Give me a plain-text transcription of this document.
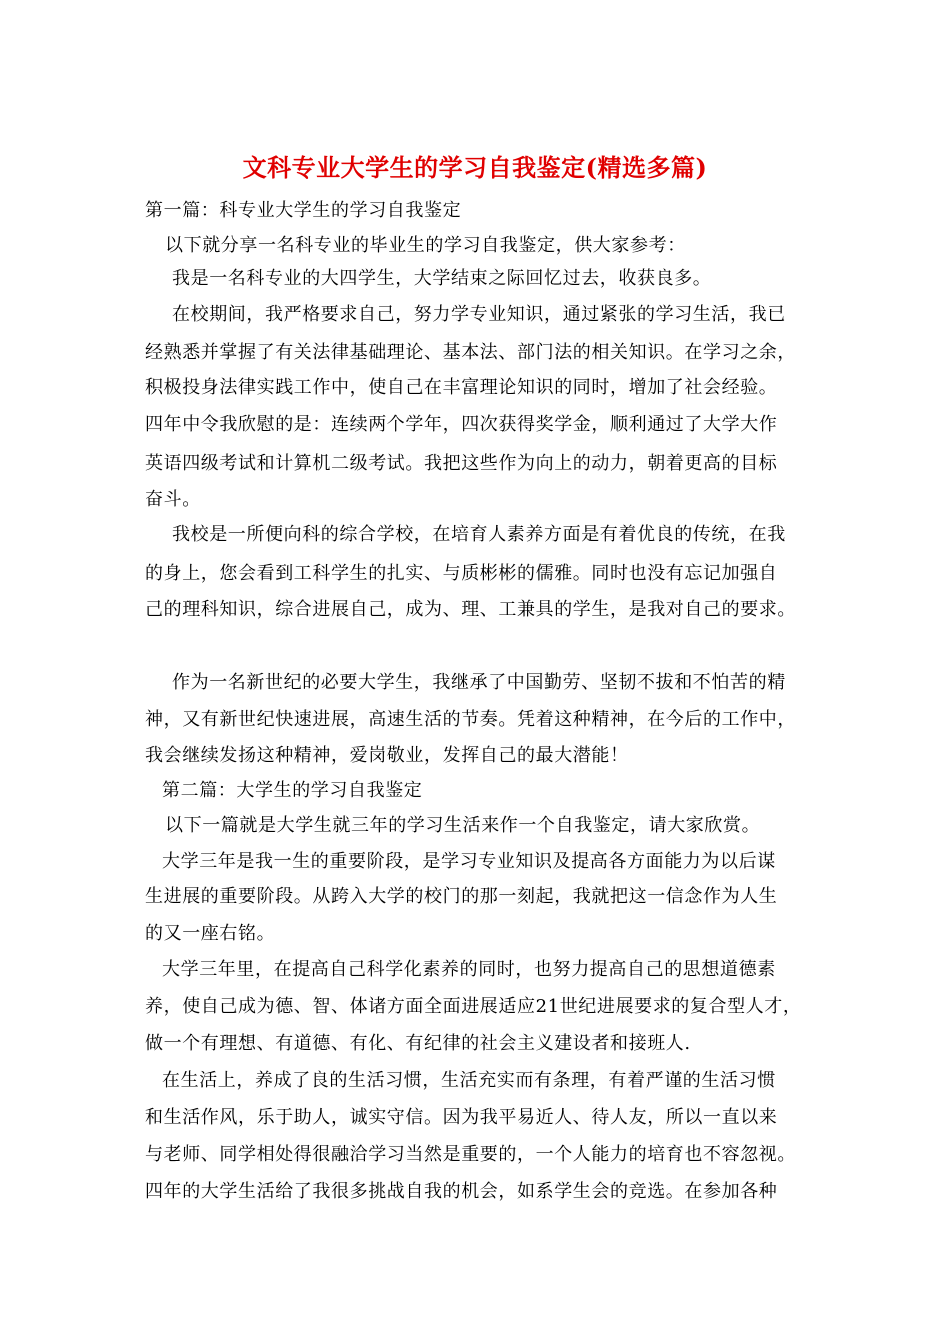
文科专业大学生的学习自我鉴定(精选多篇)
第一篇：科专业大学生的学习自我鉴定
以下就分享一名科专业的毕业生的学习自我鉴定，供大家参考：
我是一名科专业的大四学生，大学结束之际回忆过去，收获良多。
在校期间，我严格要求自己，努力学专业知识，通过紧张的学习生活，我已
经熟悉并掌握了有关法律基础理论、基本法、部门法的相关知识。在学习之余，
积极投身法律实践工作中，使自己在丰富理论知识的同时，增加了社会经验。
四年中令我欣慰的是：连续两个学年，四次获得奖学金，顺利通过了大学大作
英语四级考试和计算机二级考试。我把这些作为向上的动力，朝着更高的目标
奋斗。
我校是一所便向科的综合学校，在培育人素养方面是有着优良的传统，在我
的身上，您会看到工科学生的扎实、与质彬彬的儒雅。同时也没有忘记加强自
己的理科知识，综合进展自己，成为、理、工兼具的学生，是我对自己的要求。
作为一名新世纪的必要大学生，我继承了中国勤劳、坚韧不拔和不怕苦的精
神，又有新世纪快速进展，高速生活的节奏。凭着这种精神，在今后的工作中，
我会继续发扬这种精神，爱岗敬业，发挥自己的最大潜能！
第二篇：大学生的学习自我鉴定
以下一篇就是大学生就三年的学习生活来作一个自我鉴定，请大家欣赏。
大学三年是我一生的重要阶段，是学习专业知识及提高各方面能力为以后谋
生进展的重要阶段。从跨入大学的校门的那一刻起，我就把这一信念作为人生
的又一座右铭。
大学三年里，在提高自己科学化素养的同时，也努力提高自己的思想道德素
养，使自己成为德、智、体诸方面全面进展适应21世纪进展要求的复合型人才，
做一个有理想、有道德、有化、有纪律的社会主义建设者和接班人.
在生活上，养成了良的生活习惯，生活充实而有条理，有着严谨的生活习惯
和生活作风，乐于助人，诚实守信。因为我平易近人、待人友，所以一直以来
与老师、同学相处得很融洽学习当然是重要的，一个人能力的培育也不容忽视。
四年的大学生活给了我很多挑战自我的机会，如系学生会的竞选。在参加各种
